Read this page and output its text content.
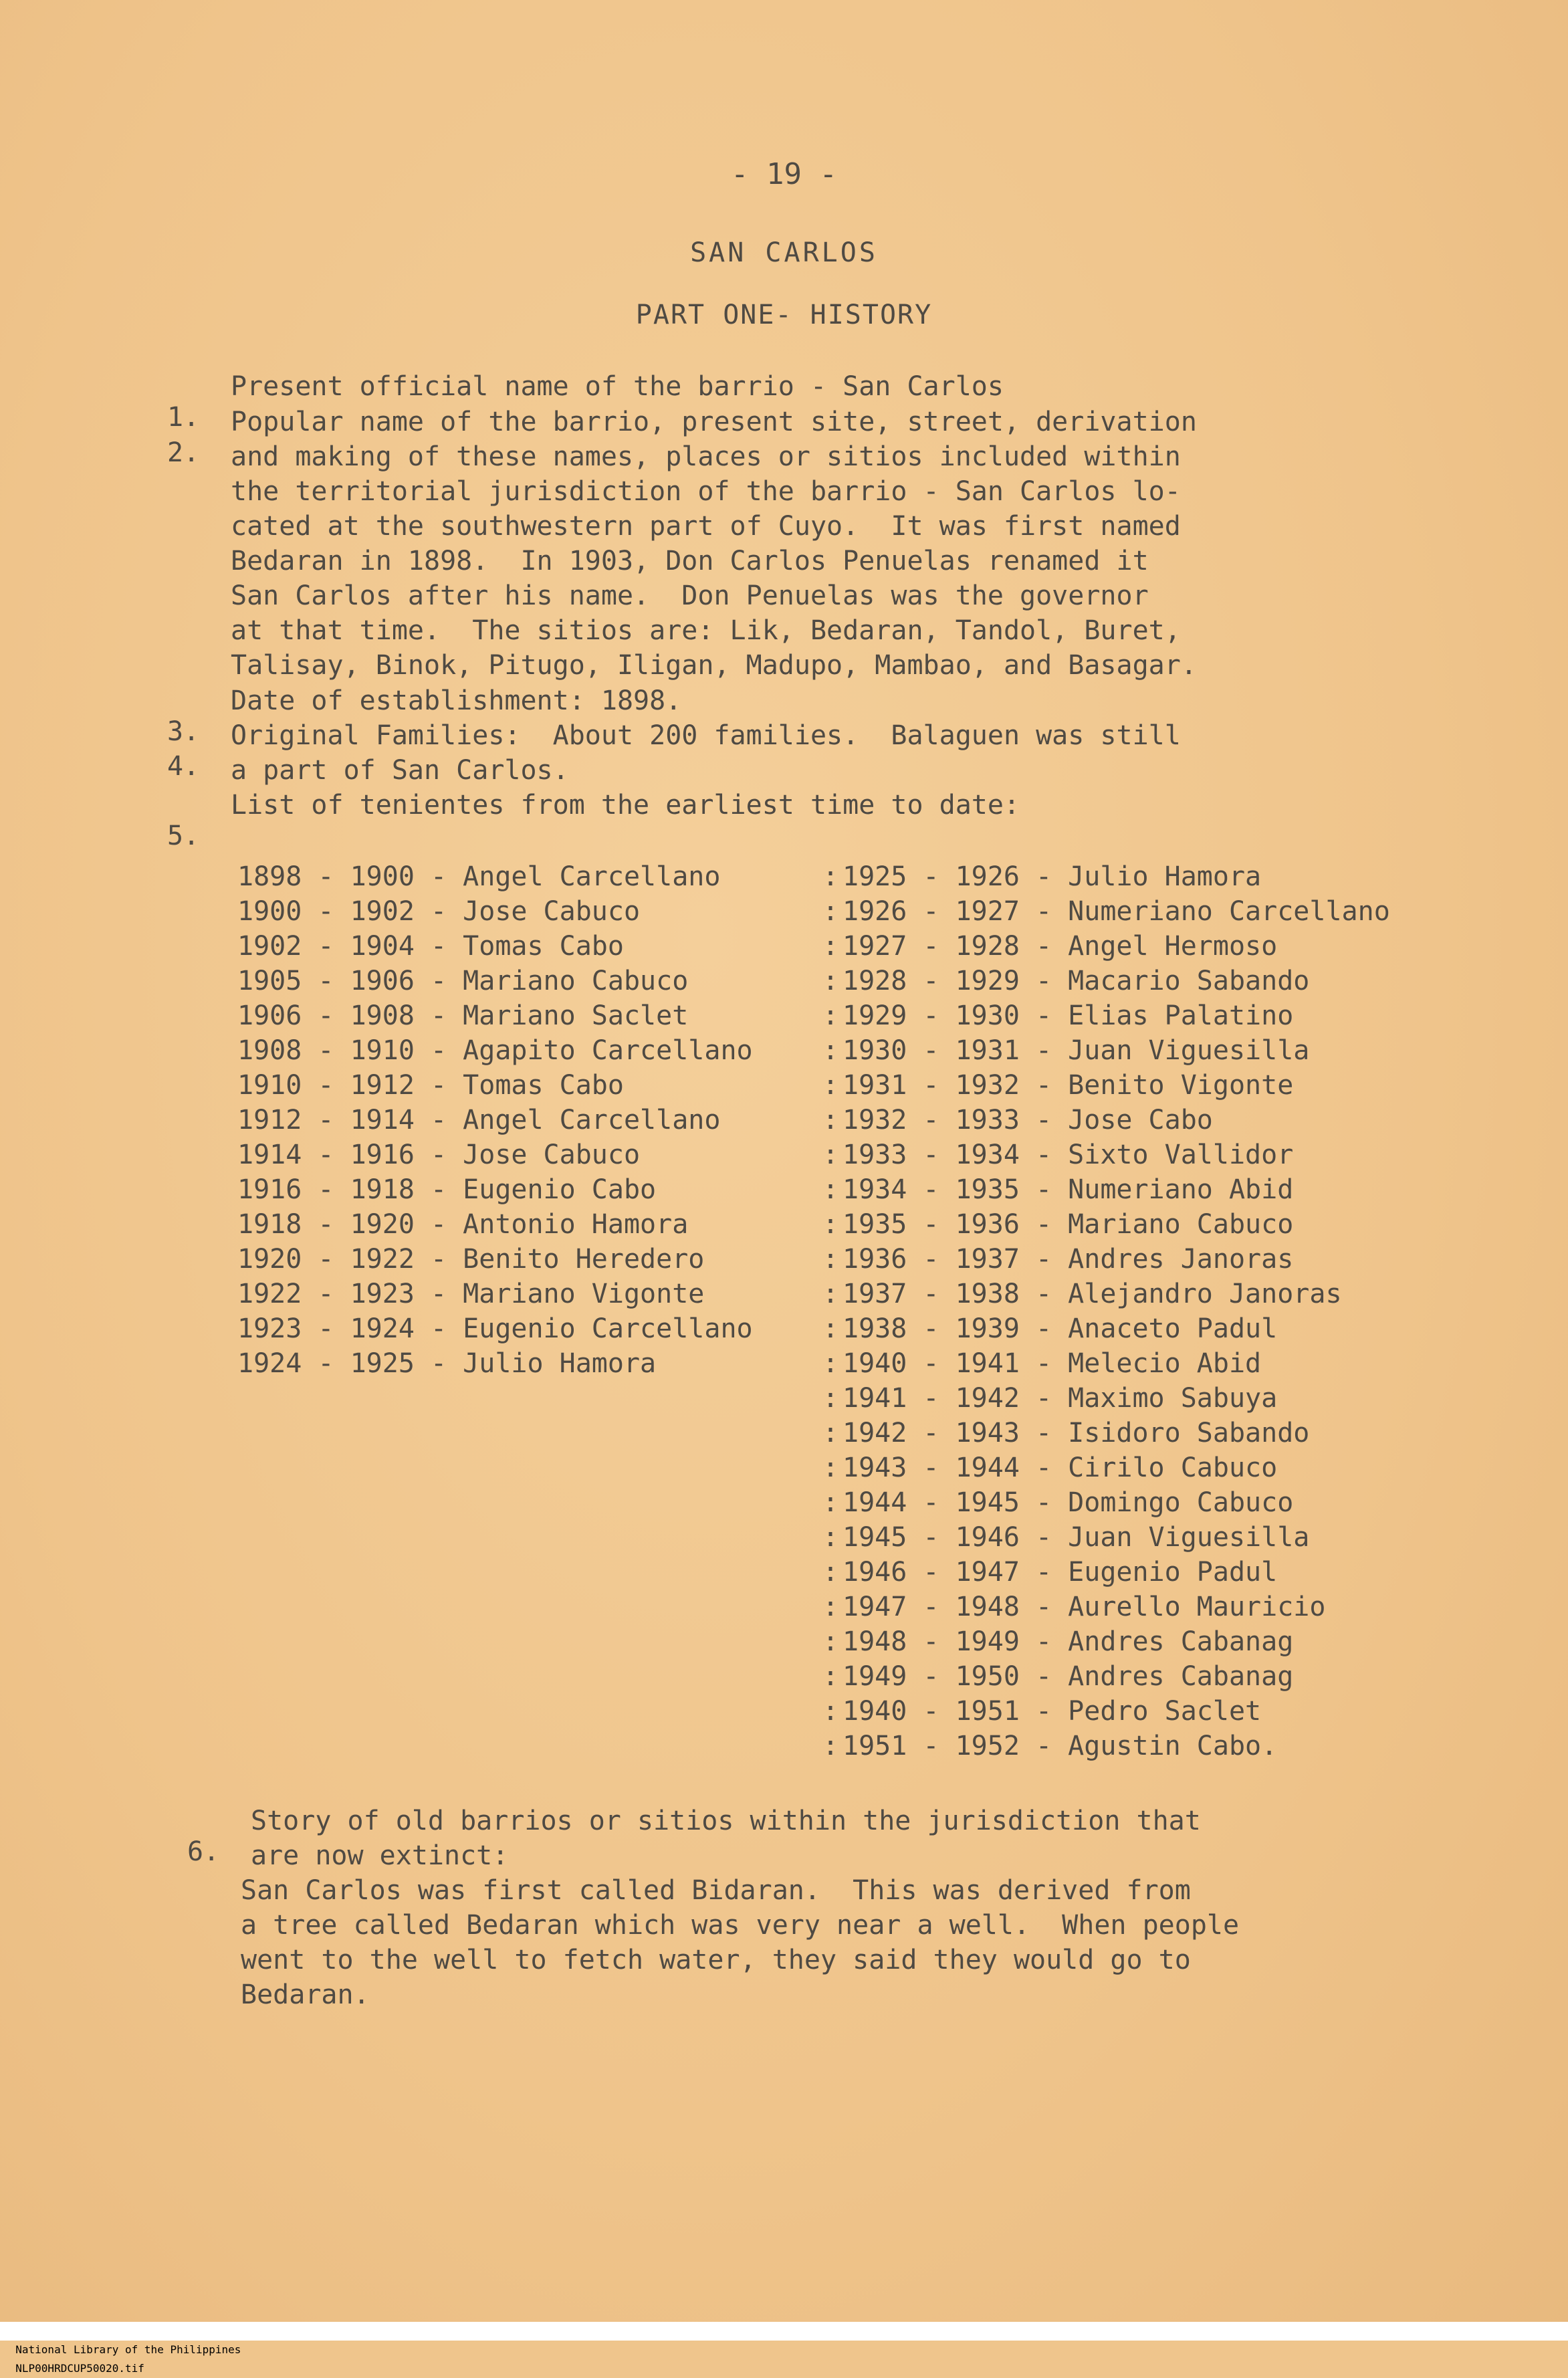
- 19 -
SAN CARLOS
PART ONE- HISTORY

1.

Present official name of the barrio - San Carlos

2.

Popular name of the barrio, present site, street, derivation

and making of these names, places or sitios included within

the territorial jurisdiction of the barrio - San Carlos lo-

cated at the southwestern part of Cuyo.  It was first named

Bedaran in 1898.  In 1903, Don Carlos Penuelas renamed it

San Carlos after his name.  Don Penuelas was the governor

at that time.  The sitios are: Lik, Bedaran, Tandol, Buret,

Talisay, Binok, Pitugo, Iligan, Madupo, Mambao, and Basagar.

3.

Date of establishment: 1898.

4.

Original Families:  About 200 families.  Balaguen was still

a part of San Carlos.

5.

List of tenientes from the earliest time to date:

1898 - 1900 - Angel Carcellano
1900 - 1902 - Jose Cabuco
1902 - 1904 - Tomas Cabo
1905 - 1906 - Mariano Cabuco
1906 - 1908 - Mariano Saclet
1908 - 1910 - Agapito Carcellano
1910 - 1912 - Tomas Cabo
1912 - 1914 - Angel Carcellano
1914 - 1916 - Jose Cabuco
1916 - 1918 - Eugenio Cabo
1918 - 1920 - Antonio Hamora
1920 - 1922 - Benito Heredero
1922 - 1923 - Mariano Vigonte
1923 - 1924 - Eugenio Carcellano
1924 - 1925 - Julio Hamora
: 1925 - 1926 - Julio Hamora
: 1926 - 1927 - Numeriano Carcellano
: 1927 - 1928 - Angel Hermoso
: 1928 - 1929 - Macario Sabando
: 1929 - 1930 - Elias Palatino
: 1930 - 1931 - Juan Viguesilla
: 1931 - 1932 - Benito Vigonte
: 1932 - 1933 - Jose Cabo
: 1933 - 1934 - Sixto Vallidor
: 1934 - 1935 - Numeriano Abid
: 1935 - 1936 - Mariano Cabuco
: 1936 - 1937 - Andres Janoras
: 1937 - 1938 - Alejandro Janoras
: 1938 - 1939 - Anaceto Padul
: 1940 - 1941 - Melecio Abid
: 1941 - 1942 - Maximo Sabuya
: 1942 - 1943 - Isidoro Sabando
: 1943 - 1944 - Cirilo Cabuco
: 1944 - 1945 - Domingo Cabuco
: 1945 - 1946 - Juan Viguesilla
: 1946 - 1947 - Eugenio Padul
: 1947 - 1948 - Aurello Mauricio
: 1948 - 1949 - Andres Cabanag
: 1949 - 1950 - Andres Cabanag
: 1940 - 1951 - Pedro Saclet
: 1951 - 1952 - Agustin Cabo.

6.

Story of old barrios or sitios within the jurisdiction that

are now extinct:

San Carlos was first called Bidaran.  This was derived from

a tree called Bedaran which was very near a well.  When people

went to the well to fetch water, they said they would go to

Bedaran.

National Library of the Philippines
NLP00HRDCUP50020.tif
